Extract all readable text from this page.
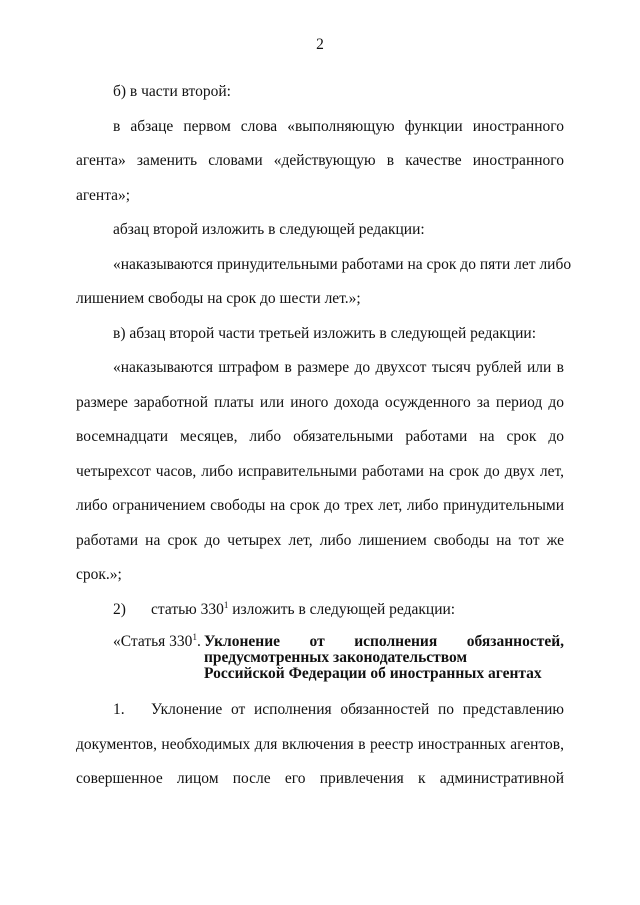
2
б) в части второй:
в абзаце первом слова «выполняющую функции иностранного
агента» заменить словами «действующую в качестве иностранного
агента»;
абзац второй изложить в следующей редакции:
«наказываются принудительными работами на срок до пяти лет либо
лишением свободы на срок до шести лет.»;
в) абзац второй части третьей изложить в следующей редакции:
«наказываются штрафом в размере до двухсот тысяч рублей или в
размере заработной платы или иного дохода осужденного за период до
восемнадцати месяцев, либо обязательными работами на срок до
четырехсот часов, либо исправительными работами на срок до двух лет,
либо ограничением свободы на срок до трех лет, либо принудительными
работами на срок до четырех лет, либо лишением свободы на тот же
срок.»;
2) статью $330^1$ изложить в следующей редакции:
«Статья $330^1$. Уклонение от исполнения обязанностей,
предусмотренных законодательством
Российской Федерации об иностранных агентах
1. Уклонение от исполнения обязанностей по представлению
документов, необходимых для включения в реестр иностранных агентов,
совершенное лицом после его привлечения к административной
